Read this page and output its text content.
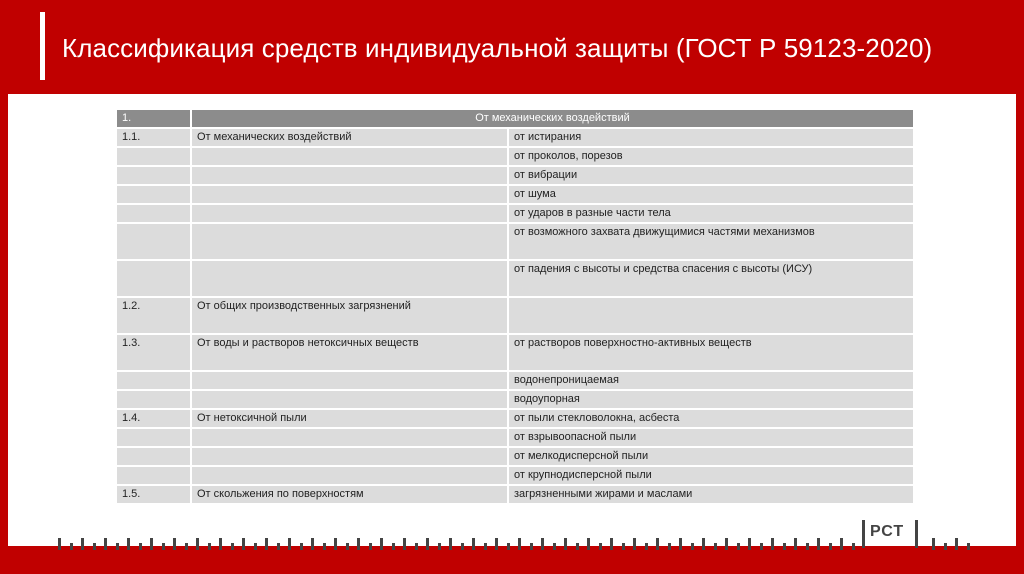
Классификация средств индивидуальной защиты (ГОСТ Р 59123-2020)
1.	От механических воздействий	
1.1.	От механических воздействий	от истирания
		от проколов, порезов
		от вибрации
		от шума
		от ударов в разные части тела
		от возможного захвата движущимися частями механизмов
		от падения с высоты и средства спасения с высоты (ИСУ)
1.2.	От общих производственных загрязнений	
1.3.	От воды и растворов нетоксичных веществ	от растворов поверхностно-активных веществ
		водонепроницаемая
		водоупорная
1.4.	От нетоксичной пыли	от пыли стекловолокна, асбеста
		от взрывоопасной пыли
		от мелкодисперсной пыли
		от крупнодисперсной пыли
1.5.	От скольжения по поверхностям	загрязненными жирами и маслами
РСТ
